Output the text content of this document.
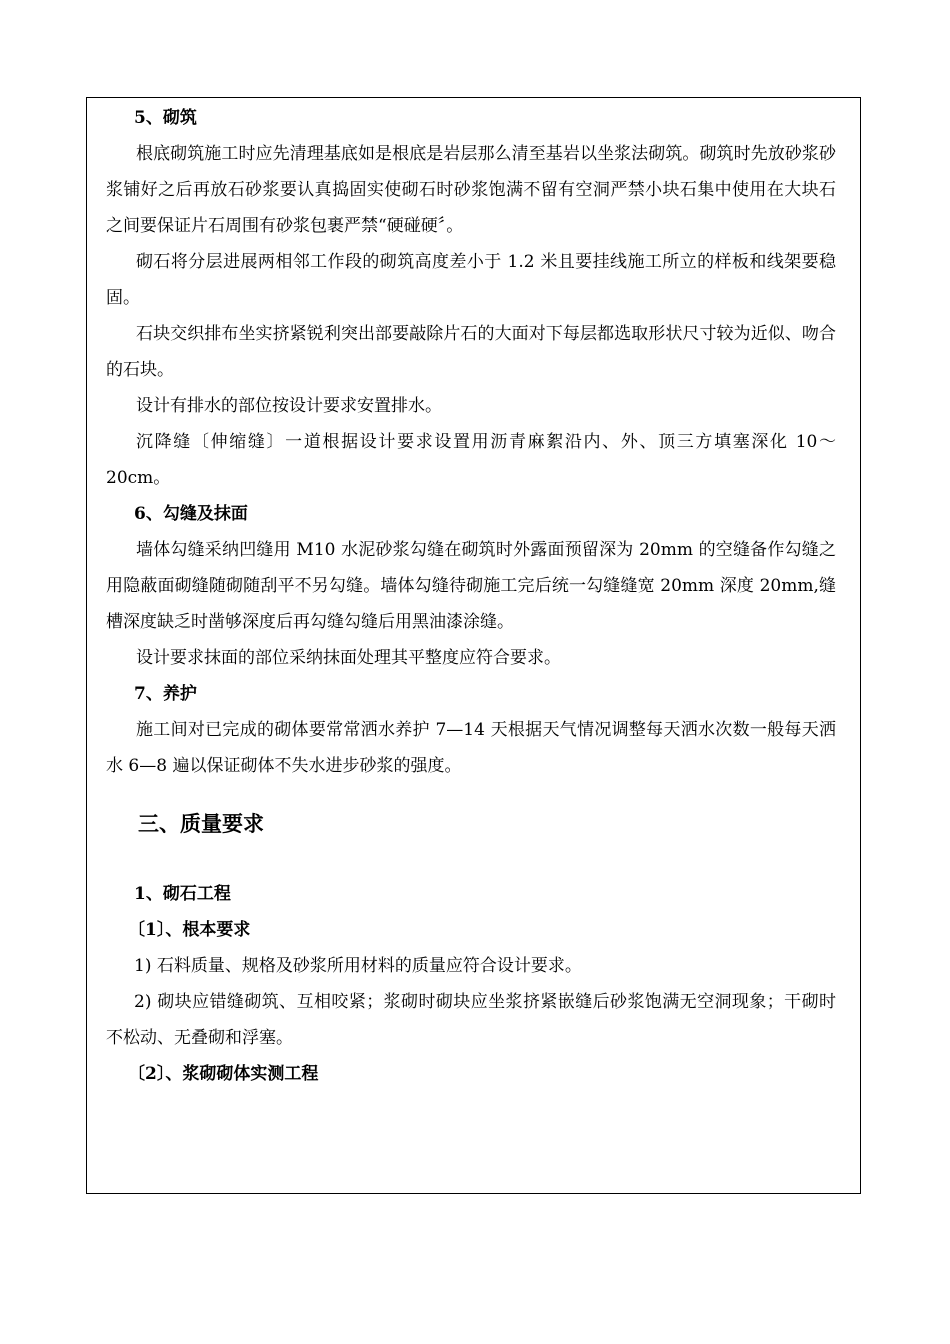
5、砌筑

根底砌筑施工时应先清理基底如是根底是岩层那么清至基岩以坐浆法砌筑。砌筑时先放砂浆砂浆铺好之后再放石砂浆要认真捣固实使砌石时砂浆饱满不留有空洞严禁小块石集中使用在大块石之间要保证片石周围有砂浆包裹严禁“硬碰硬〞。

砌石将分层进展两相邻工作段的砌筑高度差小于 1.2 米且要挂线施工所立的样板和线架要稳固。

石块交织排布坐实挤紧锐利突出部要敲除片石的大面对下每层都选取形状尺寸较为近似、吻合的石块。

设计有排水的部位按设计要求安置排水。

沉降缝〔伸缩缝〕一道根据设计要求设置用沥青麻絮沿内、外、顶三方填塞深化 10～20cm。

6、勾缝及抹面

墙体勾缝采纳凹缝用 M10 水泥砂浆勾缝在砌筑时外露面预留深为 20mm 的空缝备作勾缝之用隐蔽面砌缝随砌随刮平不另勾缝。墙体勾缝待砌施工完后统一勾缝缝宽 20mm 深度 20mm,缝槽深度缺乏时凿够深度后再勾缝勾缝后用黑油漆涂缝。

设计要求抹面的部位采纳抹面处理其平整度应符合要求。

7、养护

施工间对已完成的砌体要常常洒水养护 7—14 天根据天气情况调整每天洒水次数一般每天洒水 6—8 遍以保证砌体不失水进步砂浆的强度。

三、质量要求
1、砌石工程
〔1〕、根本要求

1) 石料质量、规格及砂浆所用材料的质量应符合设计要求。

2) 砌块应错缝砌筑、互相咬紧；浆砌时砌块应坐浆挤紧嵌缝后砂浆饱满无空洞现象；干砌时不松动、无叠砌和浮塞。

〔2〕、浆砌砌体实测工程
